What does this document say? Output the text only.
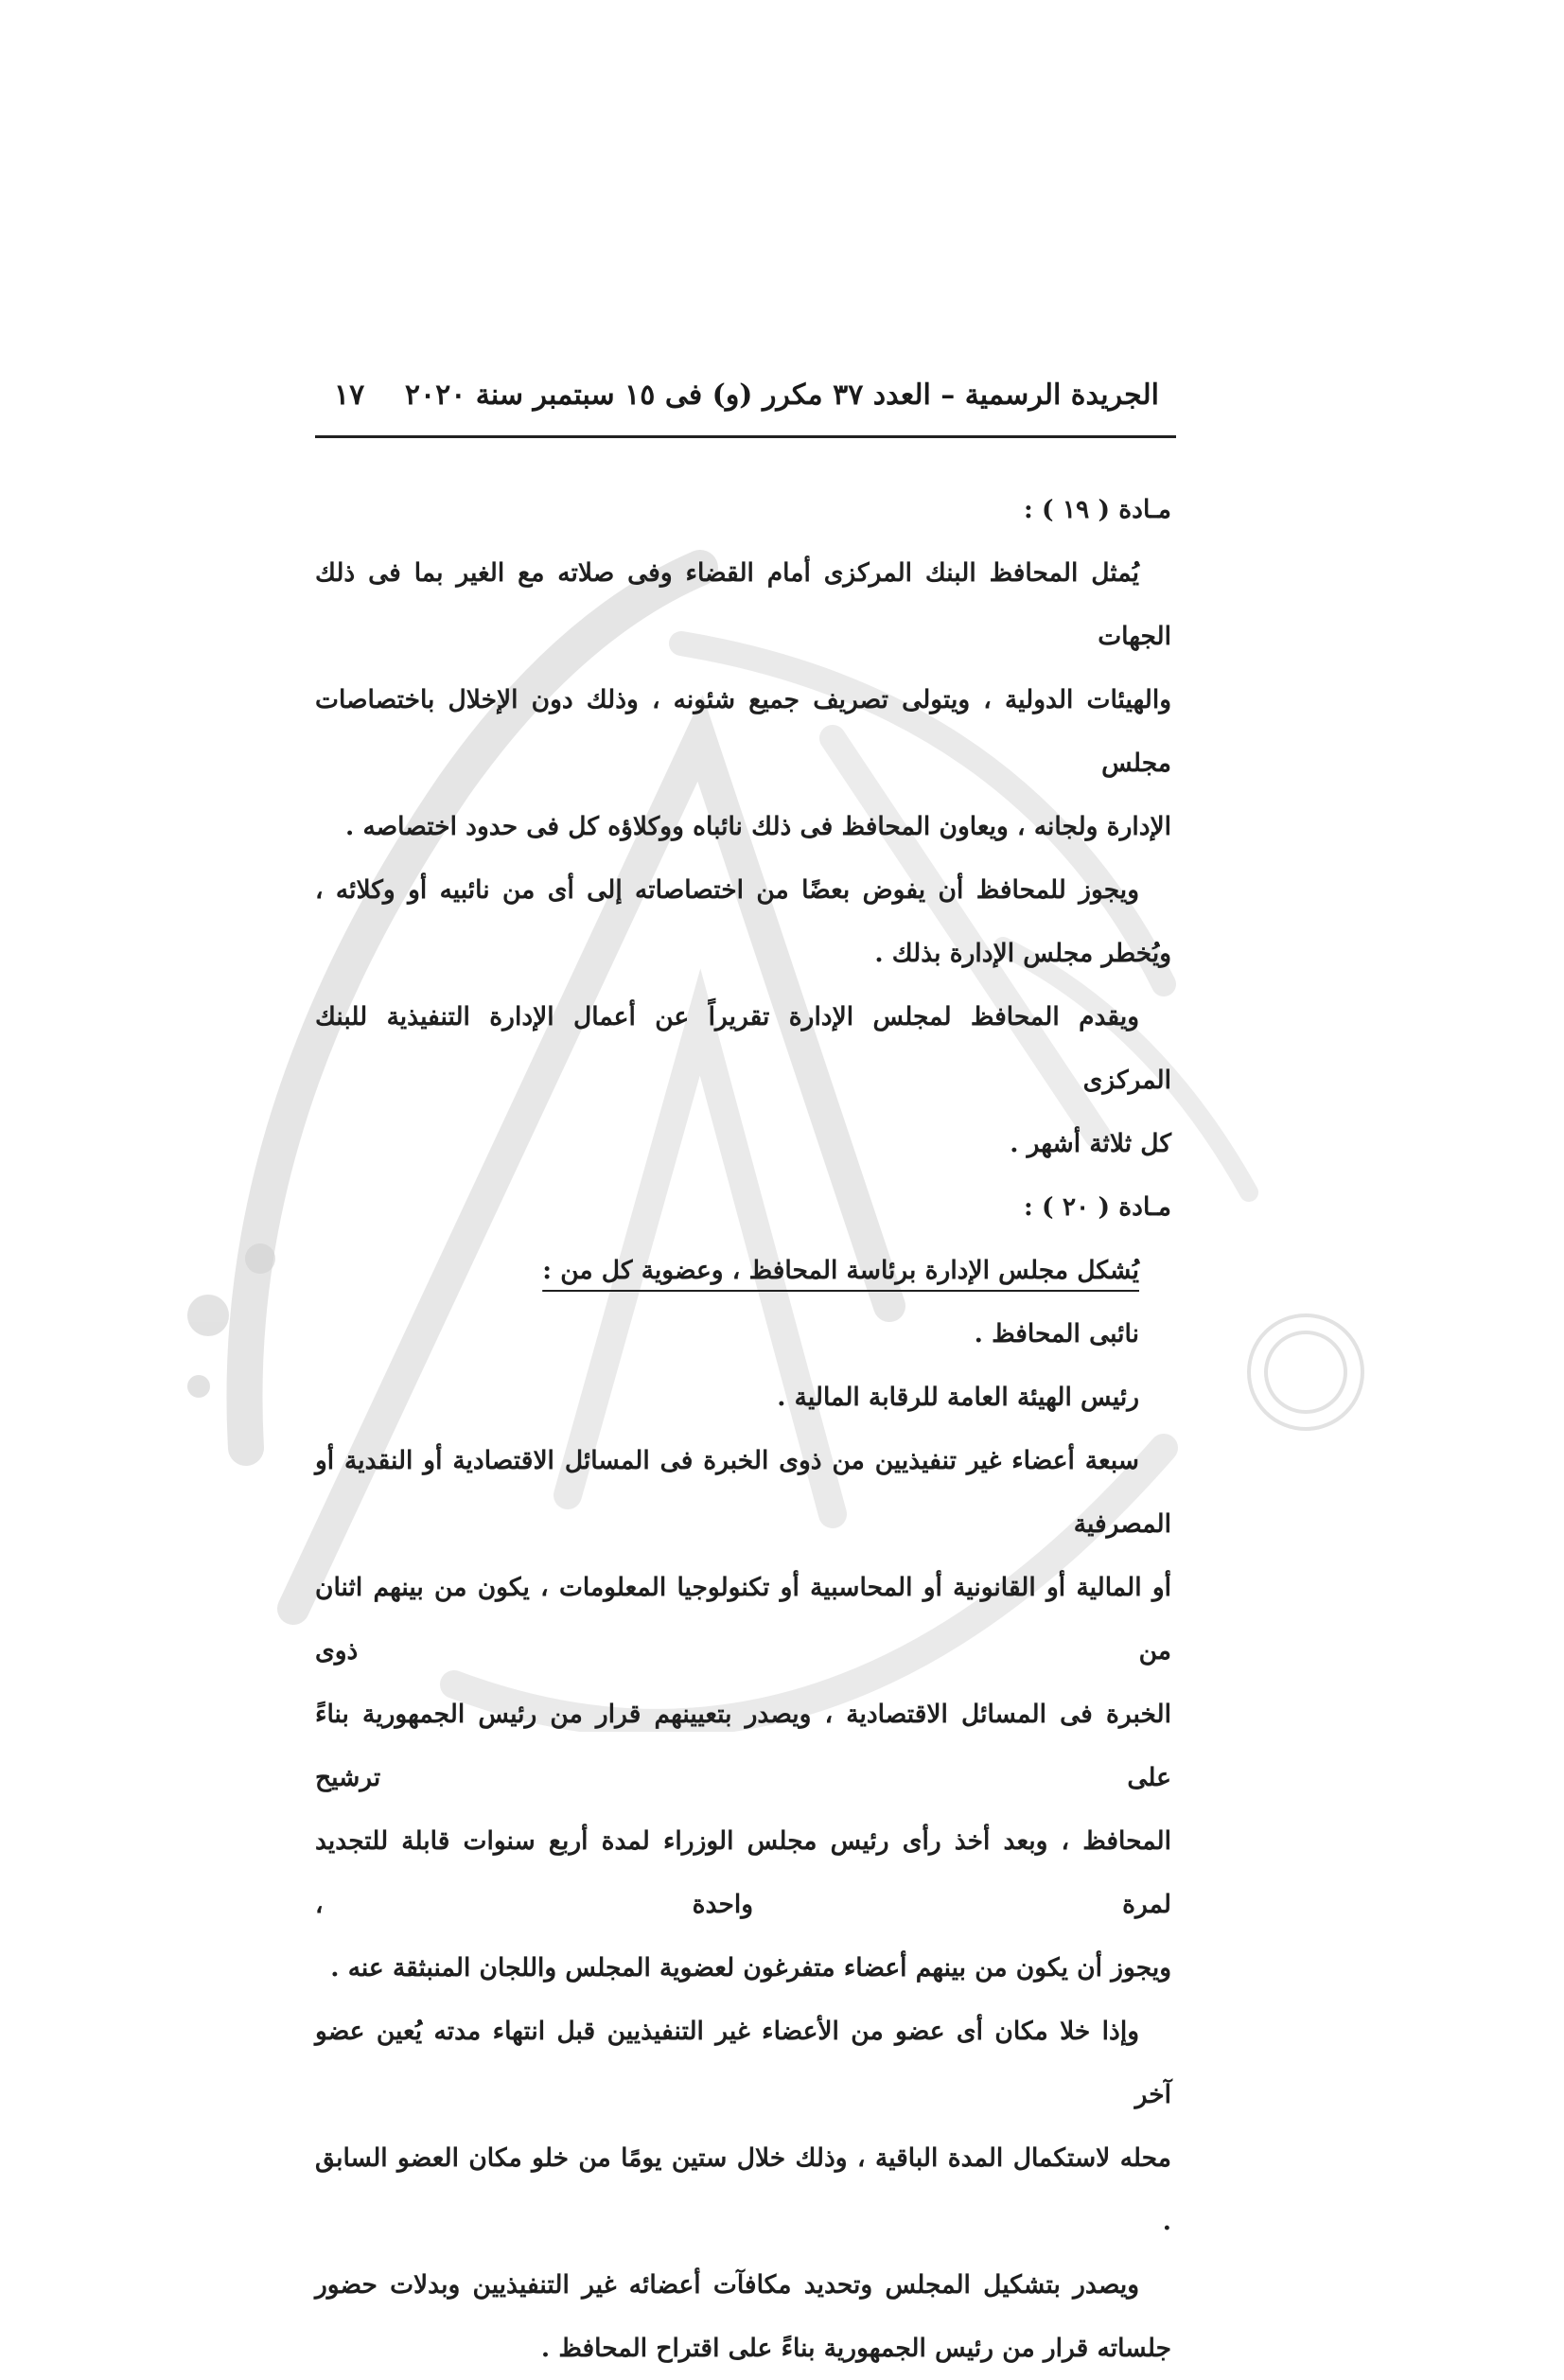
الجريدة الرسمية – العدد ٣٧ مكرر (و) فى ١٥ سبتمبر سنة ٢٠٢٠
١٧

مـادة ( ١٩ ) :

يُمثل المحافظ البنك المركزى أمام القضاء وفى صلاته مع الغير بما فى ذلك الجهات

والهيئات الدولية ، ويتولى تصريف جميع شئونه ، وذلك دون الإخلال باختصاصات مجلس

الإدارة ولجانه ، ويعاون المحافظ فى ذلك نائباه ووكلاؤه كل فى حدود اختصاصه .

ويجوز للمحافظ أن يفوض بعضًا من اختصاصاته إلى أى من نائبيه أو وكلائه ،

ويُخطر مجلس الإدارة بذلك .

ويقدم المحافظ لمجلس الإدارة تقريراً عن أعمال الإدارة التنفيذية للبنك المركزى

كل ثلاثة أشهر .

مـادة ( ٢٠ ) :

يُشكل مجلس الإدارة برئاسة المحافظ ، وعضوية كل من :

نائبى المحافظ .

رئيس الهيئة العامة للرقابة المالية .

سبعة أعضاء غير تنفيذيين من ذوى الخبرة فى المسائل الاقتصادية أو النقدية أو المصرفية

أو المالية أو القانونية أو المحاسبية أو تكنولوجيا المعلومات ، يكون من بينهم اثنان من ذوى

الخبرة فى المسائل الاقتصادية ، ويصدر بتعيينهم قرار من رئيس الجمهورية بناءً على ترشيح

المحافظ ، وبعد أخذ رأى رئيس مجلس الوزراء لمدة أربع سنوات قابلة للتجديد لمرة واحدة ،

ويجوز أن يكون من بينهم أعضاء متفرغون لعضوية المجلس واللجان المنبثقة عنه .

وإذا خلا مكان أى عضو من الأعضاء غير التنفيذيين قبل انتهاء مدته يُعين عضو آخر

محله لاستكمال المدة الباقية ، وذلك خلال ستين يومًا من خلو مكان العضو السابق .

ويصدر بتشكيل المجلس وتحديد مكافآت أعضائه غير التنفيذيين وبدلات حضور

جلساته قرار من رئيس الجمهورية بناءً على اقتراح المحافظ .
